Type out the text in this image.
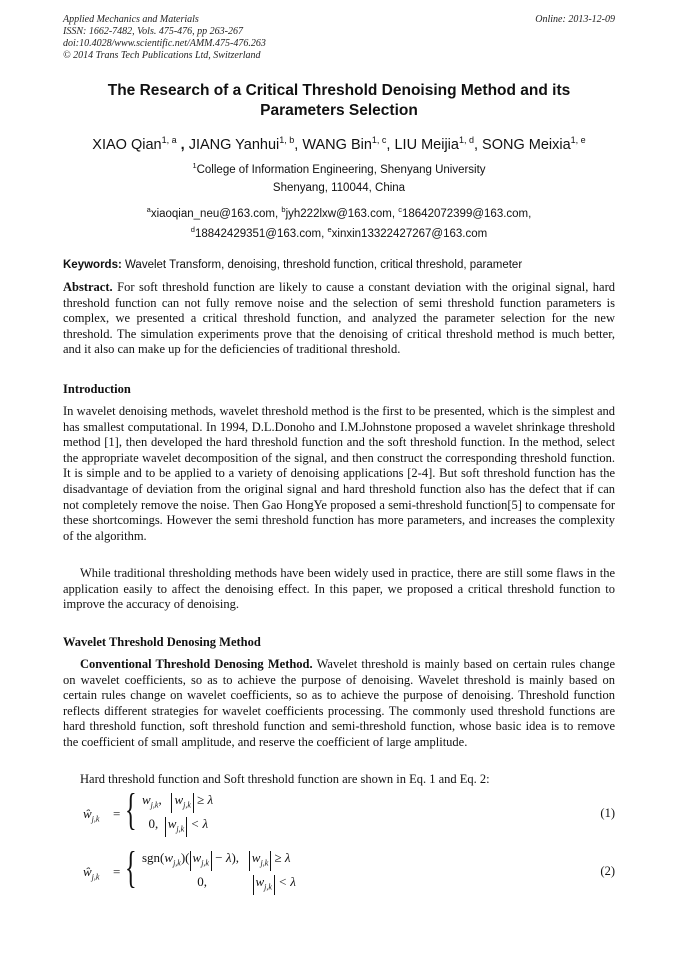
Applied Mechanics and Materials
ISSN: 1662-7482, Vols. 475-476, pp 263-267
doi:10.4028/www.scientific.net/AMM.475-476.263
© 2014 Trans Tech Publications Ltd, Switzerland
Online: 2013-12-09
The Research of a Critical Threshold Denoising Method and its
Parameters Selection
XIAO Qian$^{1, a}$ , JIANG Yanhui$^{1, b}$, WANG Bin$^{1, c}$, LIU Meijia$^{1, d}$, SONG Meixia$^{1, e}$
$^1$College of Information Engineering, Shenyang University
Shenyang, 110044, China
$^a$xiaoqian_neu@163.com, $^b$jyh222lxw@163.com, $^c$18642072399@163.com,
$^d$18842429351@163.com, $^e$xinxin13322427267@163.com
Keywords: Wavelet Transform, denoising, threshold function, critical threshold, parameter
Abstract. For soft threshold function are likely to cause a constant deviation with the original signal, hard threshold function can not fully remove noise and the selection of semi threshold function parameters is complex, we presented a critical threshold function, and analyzed the parameter selection for the new threshold. The simulation experiments prove that the denoising of critical threshold method is much better, and it also can make up for the deficiencies of traditional threshold.
Introduction
In wavelet denoising methods, wavelet threshold method is the first to be presented, which is the simplest and has smallest computational. In 1994, D.L.Donoho and I.M.Johnstone proposed a wavelet shrinkage threshold method [1], then developed the hard threshold function and the soft threshold function. In the method, select the appropriate wavelet decomposition of the signal, and then construct the corresponding threshold function. It is simple and to be applied to a variety of denoising applications [2-4]. But soft threshold function has the disadvantage of deviation from the original signal and hard threshold function also has the defect that if can not completely remove the noise. Then Gao HongYe proposed a semi-threshold function[5] to compensate for these shortcomings. However the semi threshold function has more parameters, and increases the complexity of the algorithm.
While traditional thresholding methods have been widely used in practice, there are still some flaws in the application easily to affect the denoising effect. In this paper, we proposed a critical threshold function to improve the accuracy of denoising.
Wavelet Threshold Denosing Method
Conventional Threshold Denosing Method. Wavelet threshold is mainly based on certain rules change on wavelet coefficients, so as to achieve the purpose of denoising. Wavelet threshold is mainly based on certain rules change on wavelet coefficients, so as to achieve the purpose of denoising. Threshold function reflects different strategies for wavelet coefficients processing. The commonly used threshold functions are hard threshold function, soft threshold function and semi-threshold function, whose basic idea is to remove the coefficient of small amplitude, and reserve the coefficient of large amplitude.
Hard threshold function and Soft threshold function are shown in Eq. 1 and Eq. 2:
$ŵ_{j,k}$ = { $w_{j,k}$,   $w_{j,k} \ge \lambda$
0, $w_{j,k} < \lambda$
(1)
$ŵ_{j,k}$ = { $sgn(w_{j,k})$( $w_{j,k} - \lambda$),   $w_{j,k} \ge \lambda$
0,	$w_{j,k} < \lambda$
(2)
